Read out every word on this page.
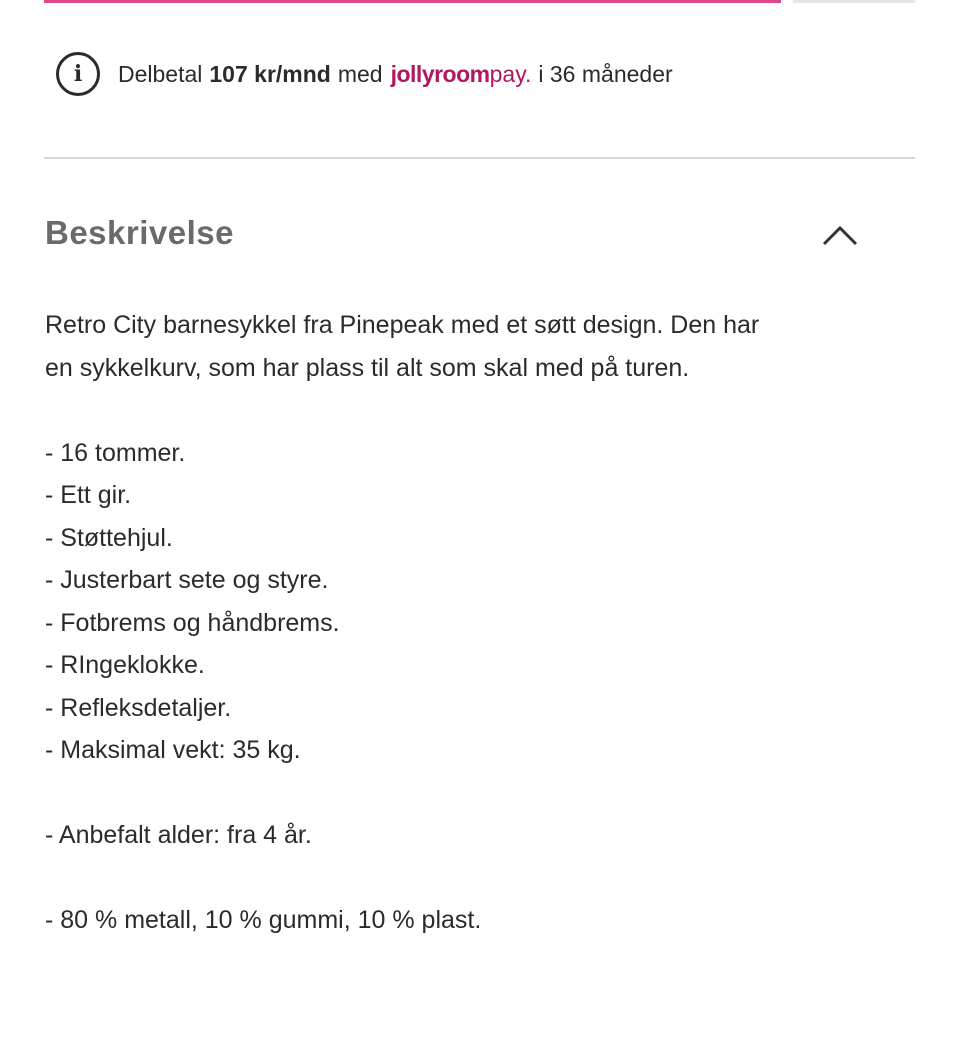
i	Delbetal 107 kr/mnd med jollyroom pay. i 36 måneder
Beskrivelse

Retro City barnesykkel fra Pinepeak med et søtt design. Den har

en sykkelkurv, som har plass til alt som skal med på turen.

- 16 tommer.

- Ett gir.

- Støttehjul.

- Justerbart sete og styre.

- Fotbrems og håndbrems.

- RIngeklokke.

- Refleksdetaljer.

- Maksimal vekt: 35 kg.

- Anbefalt alder: fra 4 år.

- 80 % metall, 10 % gummi, 10 % plast.
